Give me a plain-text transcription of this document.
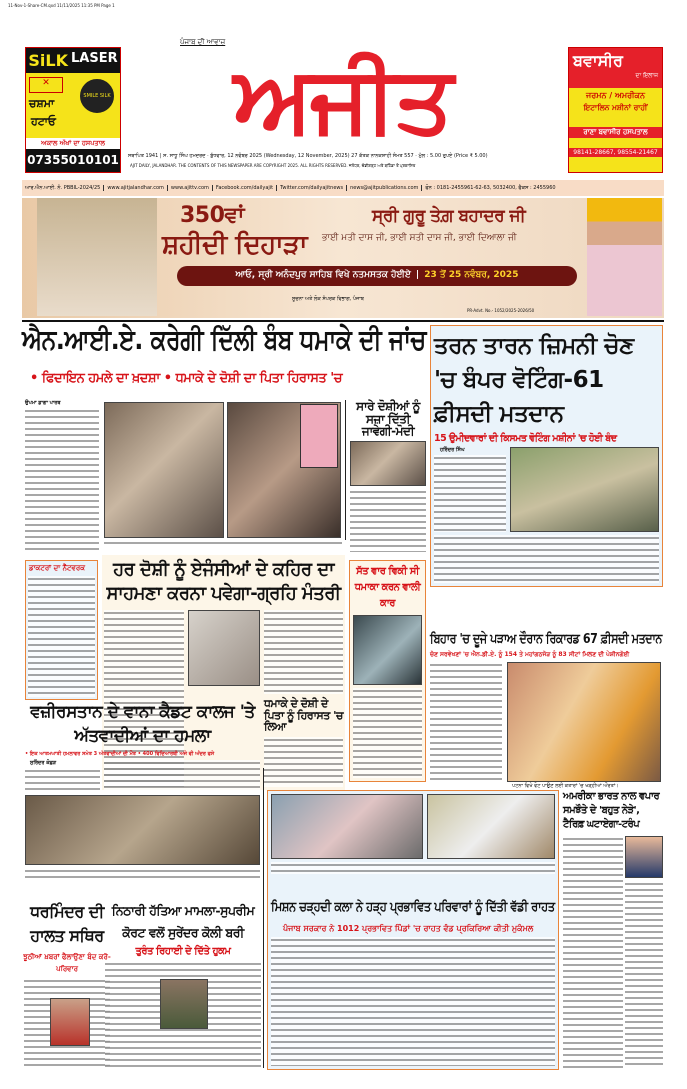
11-Nov-1-Share-CM.qxd 11/11/2025 11:35 PM Page 1
SiLK LASER
✕
ਚਸ਼ਮਾ
ਹਟਾਓ
SMILE SILK
ਅਕਾਲ ਅੱਖਾਂ ਦਾ ਹਸਪਤਾਲ
07355010101
ਪੰਜਾਬ ਦੀ ਆਵਾਜ਼
ਅਜੀਤ
ਸਥਾਪਿਤ 1941 | ਸ. ਸਾਧੂ ਸਿੰਘ ਹਮਦਰਦ · ਬੁੱਧਵਾਰ, 12 ਨਵੰਬਰ 2025 (Wednesday, 12 November, 2025) 27 ਕੱਤਕ ਨਾਨਕਸ਼ਾਹੀ ਸੰਮਤ 557 · ਮੁੱਲ : 5.00 ਰੁਪਏ (Price ₹ 5.00)
AJIT DAILY, JALANDHAR. THE CONTENTS OF THIS NEWSPAPER ARE COPYRIGHT 2025. ALL RIGHTS RESERVED. ਜਲੰਧਰ, ਚੰਡੀਗੜ੍ਹ ਅਤੇ ਬਠਿੰਡਾ ਤੋਂ ਪ੍ਰਕਾਸ਼ਿਤ
ਬਵਾਸੀਰ
ਦਾ ਇਲਾਜ
ਜਰਮਨ / ਅਮਰੀਕਨ
ਇਟਾਲਿਨ ਮਸ਼ੀਨਾਂ ਰਾਹੀਂ
ਰਾਣਾ ਬਵਾਸੀਰ ਹਸਪਤਾਲ
98141-28667, 98554-21467
ਆਰ.ਐਨ.ਆਈ. ਨੰ. PBBIL-2024/25	www.ajitjalandhar.com	www.ajittv.com	Facebook.com/dailyajit	Twitter.com/dailyajitnews	news@ajitpublications.com	ਫੋਨ : 0181-2455961-62-63, 5032400, ਫੈਕਸ : 2455960
350ਵਾਂ
ਸ਼ਹੀਦੀ ਦਿਹਾੜਾ
ਸ੍ਰੀ ਗੁਰੂ ਤੇਗ਼ ਬਹਾਦਰ ਜੀ
ਭਾਈ ਮਤੀ ਦਾਸ ਜੀ, ਭਾਈ ਸਤੀ ਦਾਸ ਜੀ, ਭਾਈ ਦਿਆਲਾ ਜੀ
ਆਓ, ਸ੍ਰੀ ਅਨੰਦਪੁਰ ਸਾਹਿਬ ਵਿਖੇ ਨਤਮਸਤਕ ਹੋਈਏ | 23 ਤੋਂ 25 ਨਵੰਬਰ, 2025
ਸੂਚਨਾ ਅਤੇ ਲੋਕ ਸੰਪਰਕ ਵਿਭਾਗ, ਪੰਜਾਬ
PR-Advt. No.- 1052/2025-2026/50
ਐਨ.ਆਈ.ਏ. ਕਰੇਗੀ ਦਿੱਲੀ ਬੰਬ ਧਮਾਕੇ ਦੀ ਜਾਂਚ
• ਫਿਦਾਇਨ ਹਮਲੇ ਦਾ ਖ਼ਦਸ਼ਾ • ਧਮਾਕੇ ਦੇ ਦੋਸ਼ੀ ਦਾ ਪਿਤਾ ਹਿਰਾਸਤ 'ਚ
ਉਪਮਾ ਡਾਗਾ ਪਾਰਥ	ਸਾਰੇ ਦੋਸ਼ੀਆਂ ਨੂੰ ਸਜ਼ਾ ਦਿੱਤੀ ਜਾਵੇਗੀ-ਮੋਦੀ
ਤਰਨ ਤਾਰਨ ਜ਼ਿਮਨੀ ਚੋਣ 'ਚ ਬੰਪਰ ਵੋਟਿੰਗ-61 ਫ਼ੀਸਦੀ ਮਤਦਾਨ
15 ਉਮੀਦਵਾਰਾਂ ਦੀ ਕਿਸਮਤ ਵੋਟਿੰਗ ਮਸ਼ੀਨਾਂ 'ਚ ਹੋਈ ਬੰਦ
ਹਰਿੰਦਰ ਸਿੰਘ
ਡਾਕਟਰਾਂ ਦਾ ਨੈੱਟਵਰਕ	ਹਰ ਦੋਸ਼ੀ ਨੂੰ ਏਜੰਸੀਆਂ ਦੇ ਕਹਿਰ ਦਾ ਸਾਹਮਣਾ ਕਰਨਾ ਪਵੇਗਾ-ਗ੍ਰਹਿ ਮੰਤਰੀ
ਧਮਾਕੇ ਦੇ ਦੋਸ਼ੀ ਦੇ ਪਿਤਾ ਨੂੰ ਹਿਰਾਸਤ 'ਚ ਲਿਆ
ਸੱਤ ਵਾਰ ਵਿਕੀ ਸੀ ਧਮਾਕਾ ਕਰਨ ਵਾਲੀ ਕਾਰ
ਬਿਹਾਰ 'ਚ ਦੂਜੇ ਪੜਾਅ ਦੌਰਾਨ ਰਿਕਾਰਡ 67 ਫ਼ੀਸਦੀ ਮਤਦਾਨ
ਚੋਣ ਸਰਵੇਖਣਾਂ 'ਚ ਐਨ.ਡੀ.ਏ. ਨੂੰ 154 ਤੇ ਮਹਾਂਗਠਜੋੜ ਨੂੰ 83 ਸੀਟਾਂ ਮਿਲਣ ਦੀ ਪੇਸ਼ੀਨਗੋਈ
ਪਟਨਾ ਵਿਖੇ ਵੋਟ ਪਾਉਣ ਲਈ ਕਤਾਰਾਂ 'ਚ ਖੜ੍ਹੀਆਂ ਔਰਤਾਂ।
ਵਜ਼ੀਰਸਤਾਨ ਦੇ ਵਾਨਾ ਕੈਡਟ ਕਾਲਜ 'ਤੇ ਅੱਤਵਾਦੀਆਂ ਦਾ ਹਮਲਾ
• ਇਕ ਆਤਮਘਾਤੀ ਹਮਲਾਵਰ ਸਮੇਤ 3 ਅੱਤਵਾਦੀਆਂ ਦੀ ਮੌਤ • 400 ਵਿਦਿਆਰਥੀ ਅਜੇ ਵੀ ਅੰਦਰ ਫਸੇ
ਸੁਰਿੰਦਰ ਕੋਛੜ
ਮਿਸ਼ਨ ਚੜ੍ਹਦੀ ਕਲਾ ਨੇ ਹੜ੍ਹ ਪ੍ਰਭਾਵਿਤ ਪਰਿਵਾਰਾਂ ਨੂੰ ਦਿੱਤੀ ਵੱਡੀ ਰਾਹਤ
ਪੰਜਾਬ ਸਰਕਾਰ ਨੇ 1012 ਪ੍ਰਭਾਵਿਤ ਪਿੰਡਾਂ 'ਚ ਰਾਹਤ ਵੰਡ ਪ੍ਰਕਿਰਿਆ ਕੀਤੀ ਮੁਕੰਮਲ
ਅਮਰੀਕਾ ਭਾਰਤ ਨਾਲ ਵਪਾਰ ਸਮਝੌਤੇ ਦੇ 'ਬਹੁਤ ਨੇੜੇ', ਟੈਰਿਫ਼ ਘਟਾਏਗਾ-ਟਰੰਪ
ਧਰਮਿੰਦਰ ਦੀ ਹਾਲਤ ਸਥਿਰ
ਝੂਠੀਆਂ ਖ਼ਬਰਾਂ ਫੈਲਾਉਣਾ ਬੰਦ ਕਰੋ-ਪਰਿਵਾਰ
ਨਿਠਾਰੀ ਹੱਤਿਆ ਮਾਮਲਾ-ਸੁਪਰੀਮ ਕੋਰਟ ਵਲੋਂ ਸੁਰੇਂਦਰ ਕੋਲੀ ਬਰੀ
ਤੁਰੰਤ ਰਿਹਾਈ ਦੇ ਦਿੱਤੇ ਹੁਕਮ
